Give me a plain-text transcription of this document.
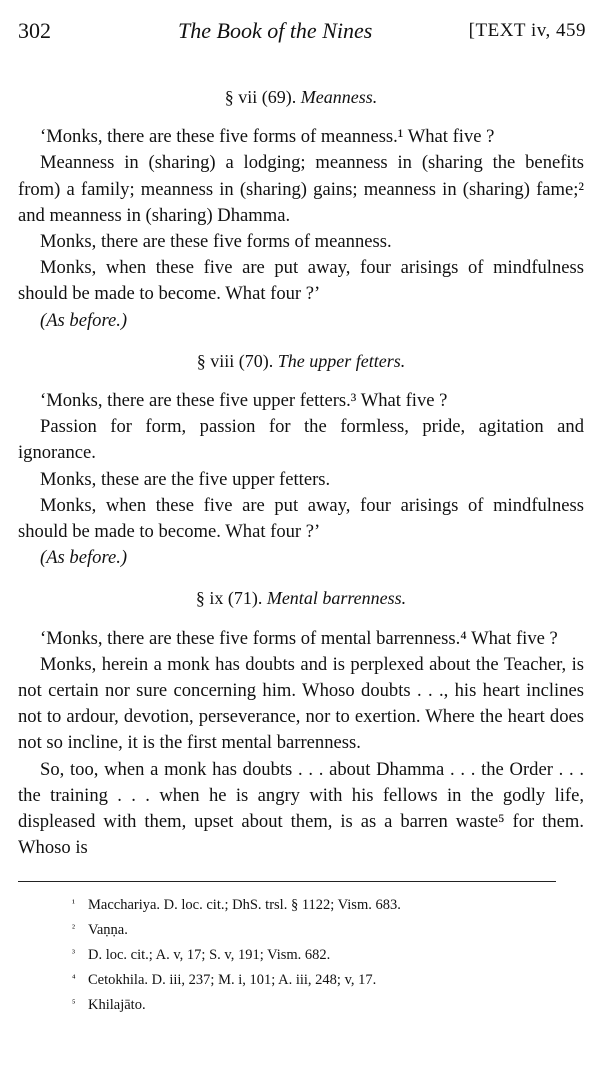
302	The Book of the Nines	[TEXT iv, 459

§ vii (69). Meanness.

‘Monks, there are these five forms of meanness.¹ What five ?

Meanness in (sharing) a lodging; meanness in (sharing the benefits from) a family; meanness in (sharing) gains; meanness in (sharing) fame;² and meanness in (sharing) Dhamma.

Monks, there are these five forms of meanness.

Monks, when these five are put away, four arisings of mindfulness should be made to become. What four ?’

(As before.)

§ viii (70). The upper fetters.

‘Monks, there are these five upper fetters.³ What five ?

Passion for form, passion for the formless, pride, agitation and ignorance.

Monks, these are the five upper fetters.

Monks, when these five are put away, four arisings of mindfulness should be made to become. What four ?’

(As before.)

§ ix (71). Mental barrenness.

‘Monks, there are these five forms of mental barrenness.⁴ What five ?

Monks, herein a monk has doubts and is perplexed about the Teacher, is not certain nor sure concerning him. Whoso doubts . . ., his heart inclines not to ardour, devotion, perseverance, nor to exertion. Where the heart does not so incline, it is the first mental barrenness.

So, too, when a monk has doubts . . . about Dhamma . . . the Order . . . the training . . . when he is angry with his fellows in the godly life, displeased with them, upset about them, is as a barren waste⁵ for them. Whoso is

¹ Macchariya. D. loc. cit.; DhS. trsl. § 1122; Vism. 683.
² Vaṇṇa.
³ D. loc. cit.; A. v, 17; S. v, 191; Vism. 682.
⁴ Cetokhila. D. iii, 237; M. i, 101; A. iii, 248; v, 17.
⁵ Khilajāto.
